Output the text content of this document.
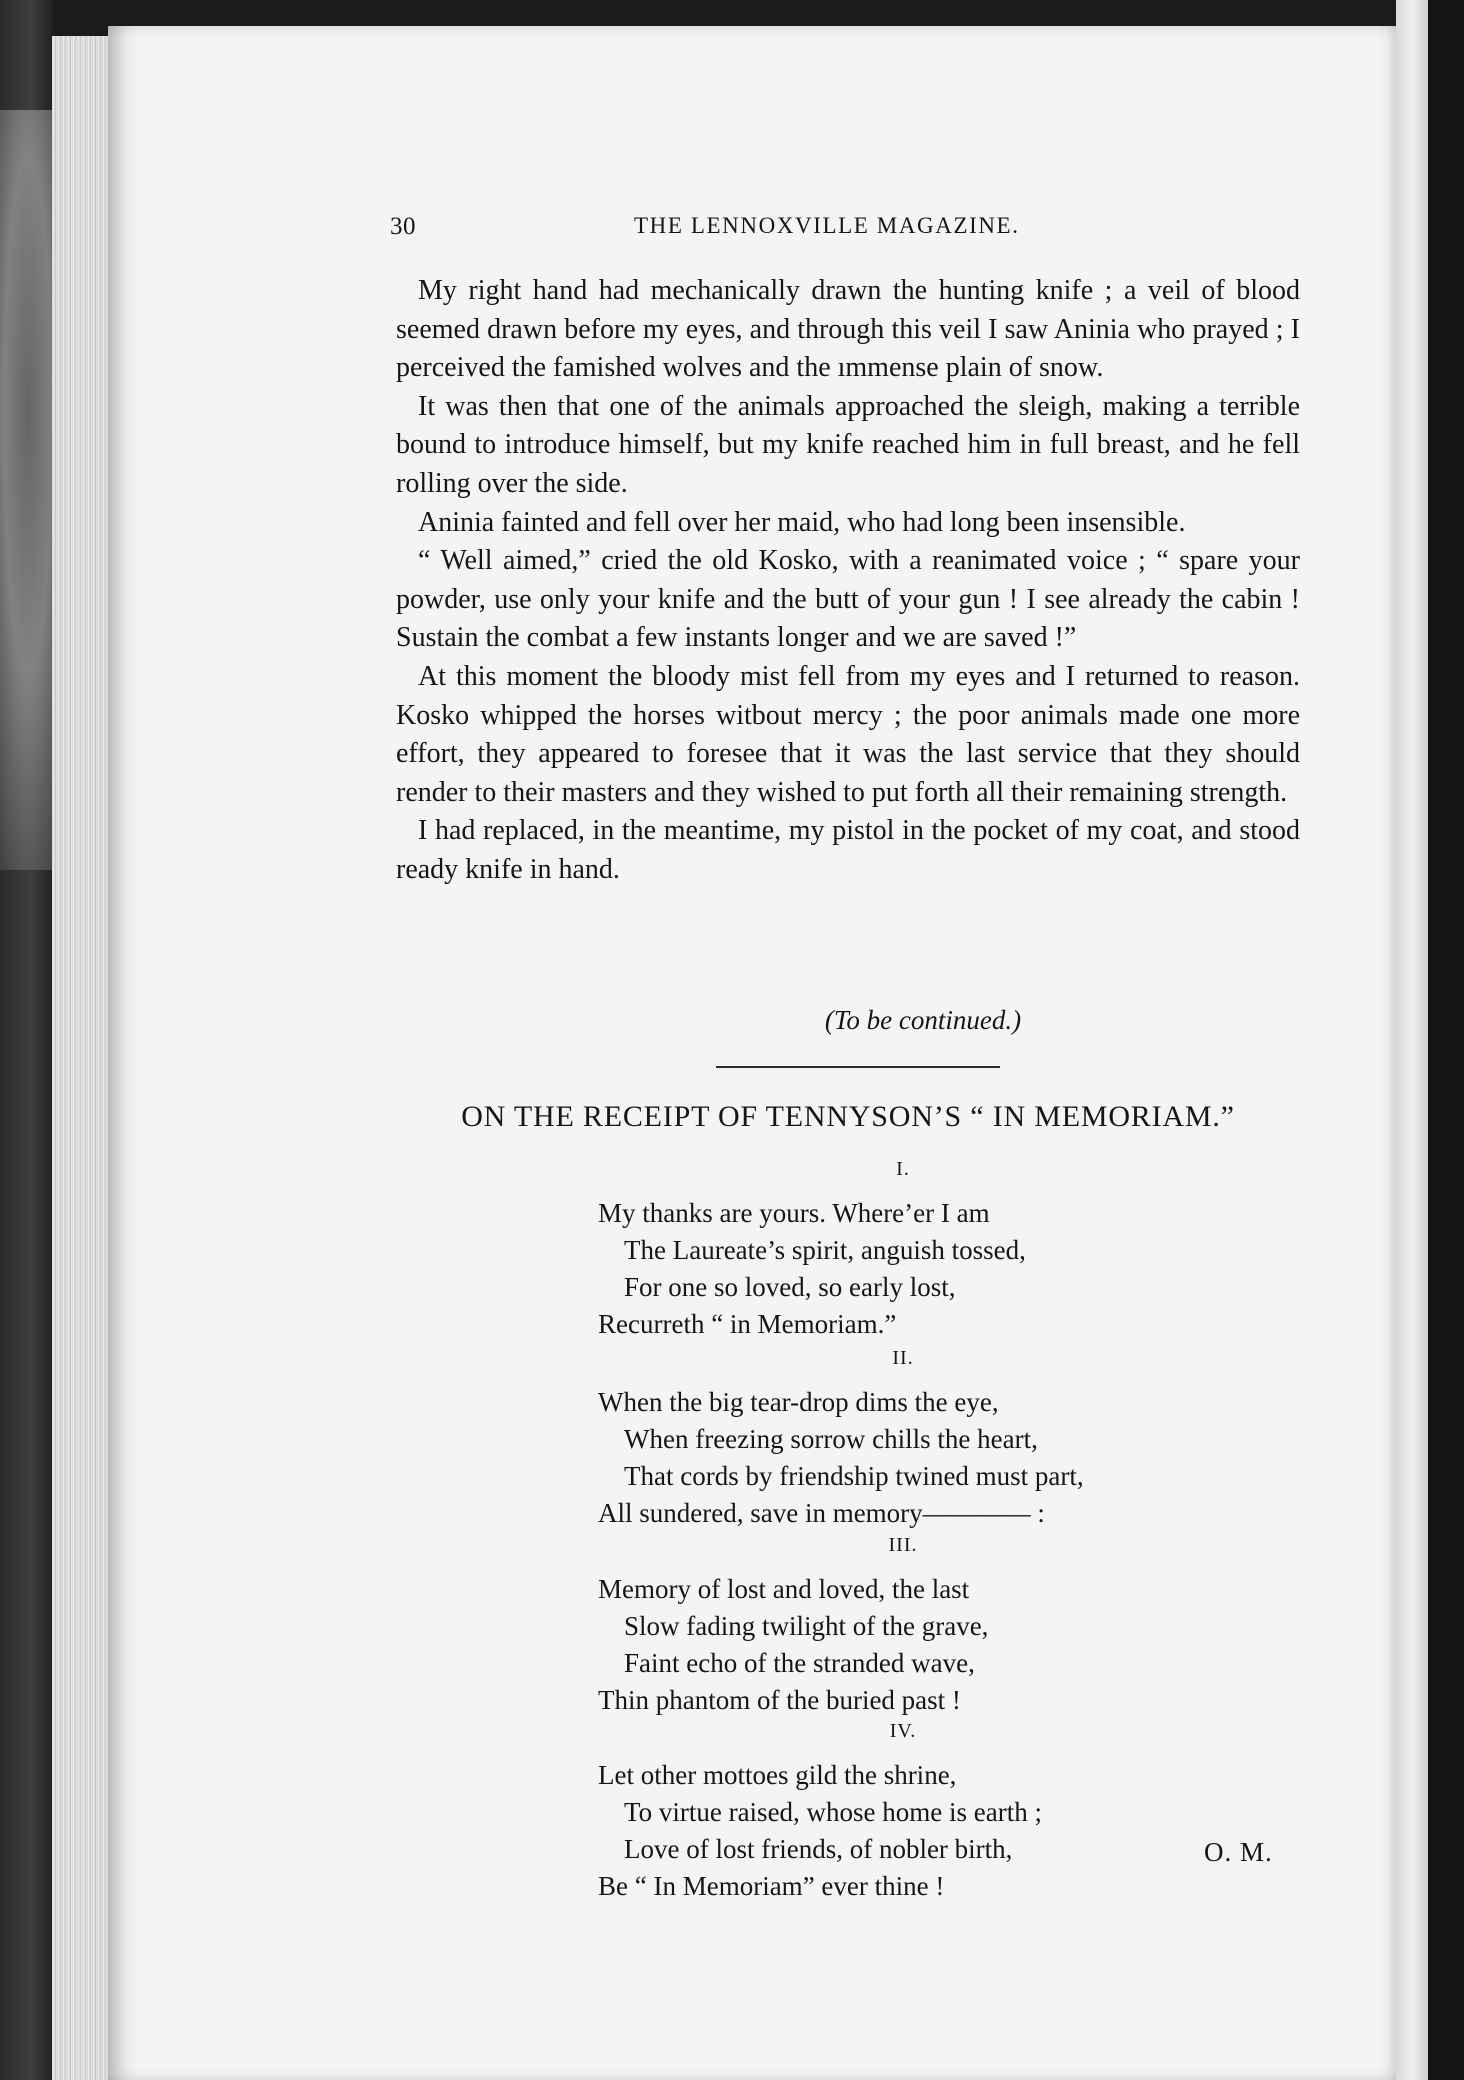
30	THE LENNOXVILLE MAGAZINE.

My right hand had mechanically drawn the hunting knife ; a veil of blood seemed drawn before my eyes, and through this veil I saw Aninia who prayed ; I perceived the famished wolves and the ımmense plain of snow.

It was then that one of the animals approached the sleigh, making a terrible bound to introduce himself, but my knife reached him in full breast, and he fell rolling over the side.

Aninia fainted and fell over her maid, who had long been insensible.

“ Well aimed,” cried the old Kosko, with a reanimated voice ; “ spare your powder, use only your knife and the butt of your gun ! I see already the cabin ! Sustain the combat a few instants longer and we are saved !”

At this moment the bloody mist fell from my eyes and I returned to reason. Kosko whipped the horses witbout mercy ; the poor animals made one more effort, they appeared to foresee that it was the last service that they should render to their masters and they wished to put forth all their remaining strength.

I had replaced, in the meantime, my pistol in the pocket of my coat, and stood ready knife in hand.

(To be continued.)
ON THE RECEIPT OF TENNYSON’S “ IN MEMORIAM.”
I.
My thanks are yours. Where’er I am
The Laureate’s spirit, anguish tossed,
For one so loved, so early lost,
Recurreth “ in Memoriam.”
II.
When the big tear-drop dims the eye,
When freezing sorrow chills the heart,
That cords by friendship twined must part,
All sundered, save in memory———— :
III.
Memory of lost and loved, the last
Slow fading twilight of the grave,
Faint echo of the stranded wave,
Thin phantom of the buried past !
IV.
Let other mottoes gild the shrine,
To virtue raised, whose home is earth ;
Love of lost friends, of nobler birth,
Be “ In Memoriam” ever thine !
O. M.
